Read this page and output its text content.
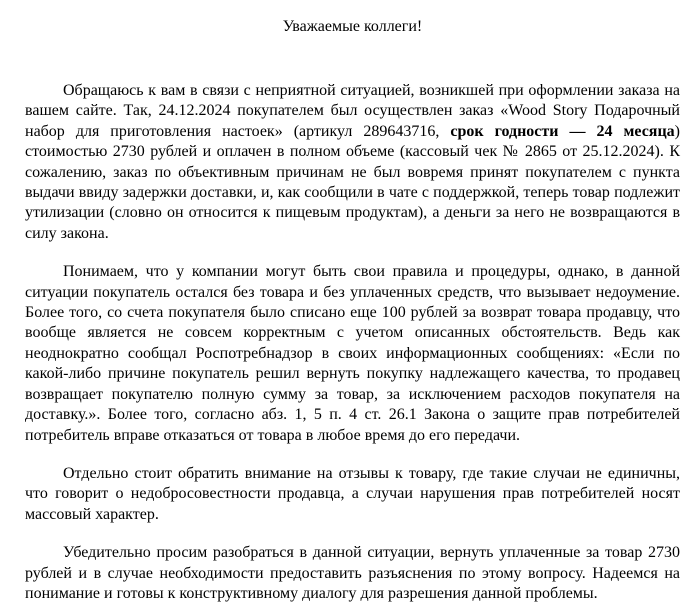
Уважаемые коллеги!

Обращаюсь к вам в связи с неприятной ситуацией, возникшей при оформлении заказа на вашем сайте. Так, 24.12.2024 покупателем был осуществлен заказ «Wood Story Подарочный набор для приготовления настоек» (артикул 289643716, срок годности — 24 месяца) стоимостью 2730 рублей и оплачен в полном объеме (кассовый чек № 2865 от 25.12.2024). К сожалению, заказ по объективным причинам не был вовремя принят покупателем с пункта выдачи ввиду задержки доставки, и, как сообщили в чате с поддержкой, теперь товар подлежит утилизации (словно он относится к пищевым продуктам), а деньги за него не возвращаются в силу закона.

Понимаем, что у компании могут быть свои правила и процедуры, однако, в данной ситуации покупатель остался без товара и без уплаченных средств, что вызывает недоумение. Более того, со счета покупателя было списано еще 100 рублей за возврат товара продавцу, что вообще является не совсем корректным с учетом описанных обстоятельств. Ведь как неоднократно сообщал Роспотребнадзор в своих информационных сообщениях: «Если по какой-либо причине покупатель решил вернуть покупку надлежащего качества, то продавец возвращает покупателю полную сумму за товар, за исключением расходов покупателя на доставку.». Более того, согласно абз. 1, 5 п. 4 ст. 26.1 Закона о защите прав потребителей потребитель вправе отказаться от товара в любое время до его передачи.

Отдельно стоит обратить внимание на отзывы к товару, где такие случаи не единичны, что говорит о недобросовестности продавца, а случаи нарушения прав потребителей носят массовый характер.

Убедительно просим разобраться в данной ситуации, вернуть уплаченные за товар 2730 рублей и в случае необходимости предоставить разъяснения по этому вопросу. Надеемся на понимание и готовы к конструктивному диалогу для разрешения данной проблемы.
